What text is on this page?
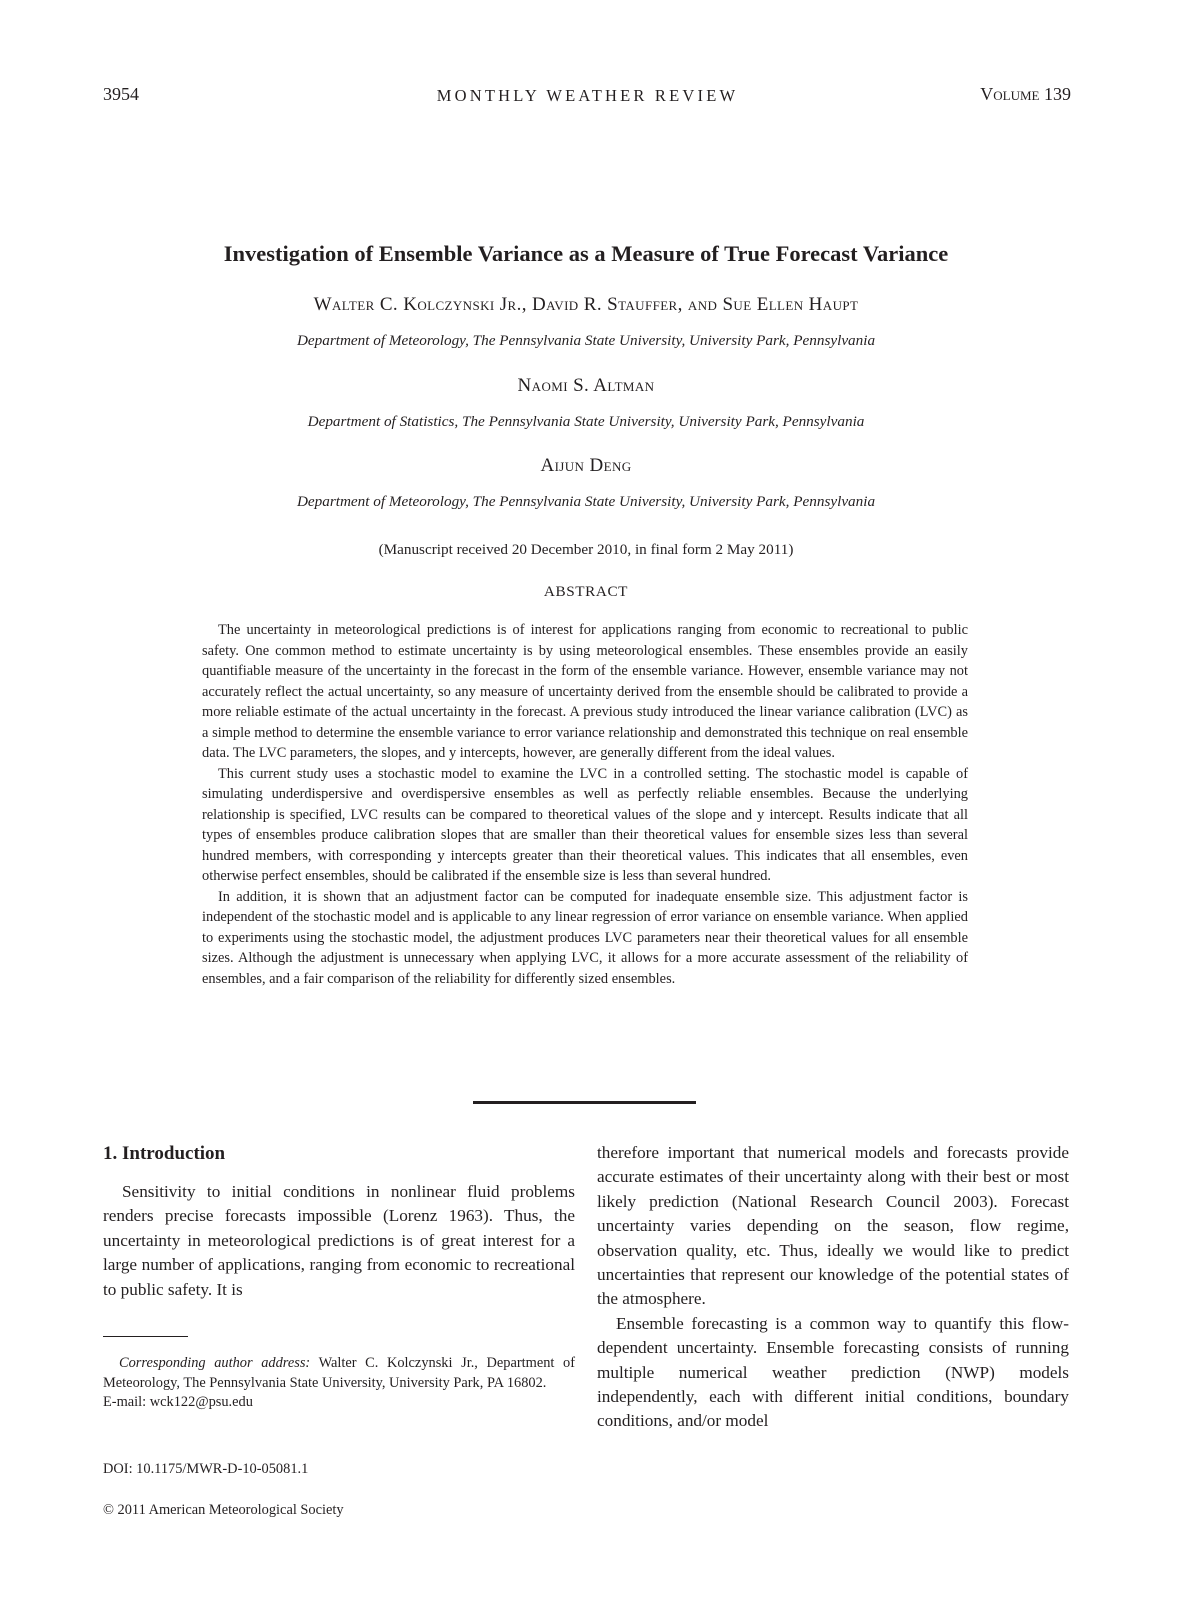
3954	MONTHLY WEATHER REVIEW	Volume 139
Investigation of Ensemble Variance as a Measure of True Forecast Variance
Walter C. Kolczynski Jr., David R. Stauffer, and Sue Ellen Haupt
Department of Meteorology, The Pennsylvania State University, University Park, Pennsylvania
Naomi S. Altman
Department of Statistics, The Pennsylvania State University, University Park, Pennsylvania
Aijun Deng
Department of Meteorology, The Pennsylvania State University, University Park, Pennsylvania
(Manuscript received 20 December 2010, in final form 2 May 2011)
ABSTRACT

The uncertainty in meteorological predictions is of interest for applications ranging from economic to recreational to public safety. One common method to estimate uncertainty is by using meteorological ensembles. These ensembles provide an easily quantifiable measure of the uncertainty in the forecast in the form of the ensemble variance. However, ensemble variance may not accurately reflect the actual uncertainty, so any measure of uncertainty derived from the ensemble should be calibrated to provide a more reliable estimate of the actual uncertainty in the forecast. A previous study introduced the linear variance calibration (LVC) as a simple method to determine the ensemble variance to error variance relationship and demonstrated this technique on real ensemble data. The LVC parameters, the slopes, and y intercepts, however, are generally different from the ideal values.

This current study uses a stochastic model to examine the LVC in a controlled setting. The stochastic model is capable of simulating underdispersive and overdispersive ensembles as well as perfectly reliable ensembles. Because the underlying relationship is specified, LVC results can be compared to theoretical values of the slope and y intercept. Results indicate that all types of ensembles produce calibration slopes that are smaller than their theoretical values for ensemble sizes less than several hundred members, with corresponding y intercepts greater than their theoretical values. This indicates that all ensembles, even otherwise perfect ensembles, should be calibrated if the ensemble size is less than several hundred.

In addition, it is shown that an adjustment factor can be computed for inadequate ensemble size. This adjustment factor is independent of the stochastic model and is applicable to any linear regression of error variance on ensemble variance. When applied to experiments using the stochastic model, the adjustment produces LVC parameters near their theoretical values for all ensemble sizes. Although the adjustment is unnecessary when applying LVC, it allows for a more accurate assessment of the reliability of ensembles, and a fair comparison of the reliability for differently sized ensembles.

1. Introduction

Sensitivity to initial conditions in nonlinear fluid problems renders precise forecasts impossible (Lorenz 1963). Thus, the uncertainty in meteorological predictions is of great interest for a large number of applications, ranging from economic to recreational to public safety. It is

Corresponding author address: Walter C. Kolczynski Jr., Department of Meteorology, The Pennsylvania State University, University Park, PA 16802.

E-mail: wck122@psu.edu

DOI: 10.1175/MWR-D-10-05081.1
© 2011 American Meteorological Society

therefore important that numerical models and forecasts provide accurate estimates of their uncertainty along with their best or most likely prediction (National Research Council 2003). Forecast uncertainty varies depending on the season, flow regime, observation quality, etc. Thus, ideally we would like to predict uncertainties that represent our knowledge of the potential states of the atmosphere.

Ensemble forecasting is a common way to quantify this flow-dependent uncertainty. Ensemble forecasting consists of running multiple numerical weather prediction (NWP) models independently, each with different initial conditions, boundary conditions, and/or model
